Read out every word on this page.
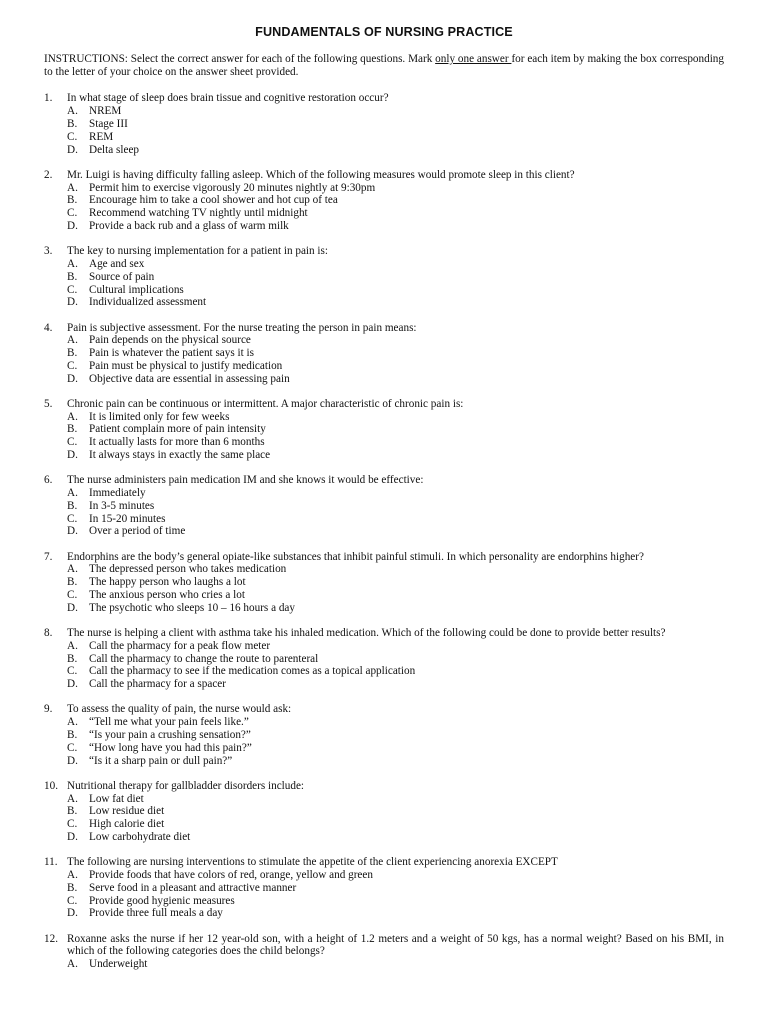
FUNDAMENTALS OF NURSING PRACTICE
INSTRUCTIONS: Select the correct answer for each of the following questions. Mark only one answer for each item by making the box corresponding to the letter of your choice on the answer sheet provided.
1.	In what stage of sleep does brain tissue and cognitive restoration occur?
A. NREM
B.	Stage III
C.	REM
D. Delta sleep
2.	Mr. Luigi is having difficulty falling asleep. Which of the following measures would promote sleep in this client?
A. Permit him to exercise vigorously 20 minutes nightly at 9:30pm
B.	Encourage him to take a cool shower and hot cup of tea
C.	Recommend watching TV nightly until midnight
D. Provide a back rub and a glass of warm milk
3.	The key to nursing implementation for a patient in pain is:
A. Age and sex
B.	Source of pain
C.	Cultural implications
D. Individualized assessment
4.	Pain is subjective assessment. For the nurse treating the person in pain means:
A. Pain depends on the physical source
B.	Pain is whatever the patient says it is
C.	Pain must be physical to justify medication
D. Objective data are essential in assessing pain
5.	Chronic pain can be continuous or intermittent. A major characteristic of chronic pain is:
A. It is limited only for few weeks
B.	Patient complain more of pain intensity
C.	It actually lasts for more than 6 months
D. It always stays in exactly the same place
6.	The nurse administers pain medication IM and she knows it would be effective:
A. Immediately
B.	In 3-5 minutes
C.	In 15-20 minutes
D. Over a period of time
7.	Endorphins are the body’s general opiate-like substances that inhibit painful stimuli. In which personality are endorphins higher?
A. The depressed person who takes medication
B.	The happy person who laughs a lot
C.	The anxious person who cries a lot
D. The psychotic who sleeps 10 – 16 hours a day
8.	The nurse is helping a client with asthma take his inhaled medication. Which of the following could be done to provide better results?
A. Call the pharmacy for a peak flow meter
B.	Call the pharmacy to change the route to parenteral
C.	Call the pharmacy to see if the medication comes as a topical application
D. Call the pharmacy for a spacer
9.	To assess the quality of pain, the nurse would ask:
A. “Tell me what your pain feels like.”
B.	“Is your pain a crushing sensation?”
C.	“How long have you had this pain?”
D. “Is it a sharp pain or dull pain?”
10. Nutritional therapy for gallbladder disorders include:
A. Low fat diet
B.	Low residue diet
C.	High calorie diet
D. Low carbohydrate diet
11. The following are nursing interventions to stimulate the appetite of the client experiencing anorexia EXCEPT
A. Provide foods that have colors of red, orange, yellow and green
B.	Serve food in a pleasant and attractive manner
C.	Provide good hygienic measures
D. Provide three full meals a day
12. Roxanne asks the nurse if her 12 year-old son, with a height of 1.2 meters and a weight of 50 kgs, has a normal weight? Based on his BMI, in which of the following categories does the child belongs?
A. Underweight
